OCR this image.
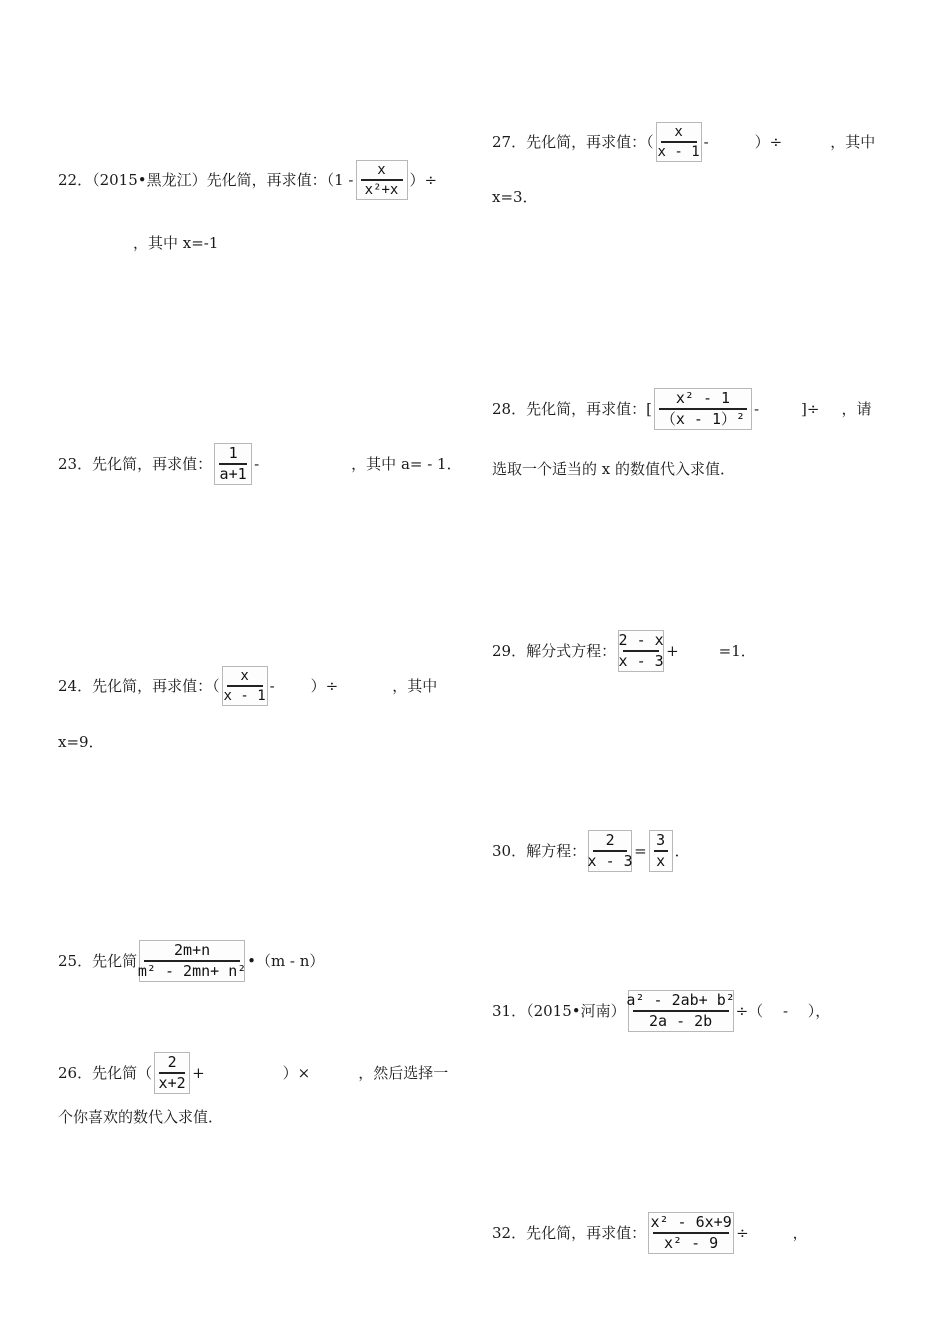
22．（2015•黑龙江）先化简，再求值：（$1 - \frac{x}{\text{x²+x}}$ ）÷
，其中 x=-1
23．先化简，再求值： $\frac{1}{a+1}$ -	，其中 a= - 1．
24．先化简，再求值：（ $\frac{x}{x - 1}$ - ）÷	，其中
x=9．
25．先化简 $\frac{2m+n}{\text{m² - 2mn+ n²}}$ •（m - n）
26．先化简（ $\frac{2}{x+2}$ +	）×	，然后选择一
个你喜欢的数代入求值．
27．先化简，再求值：（ $\frac{x}{x - 1}$ -	）÷	，其中
x=3．
28．先化简，再求值：[ $\frac{\text{x² - 1}}{\text{（x - 1）²}}$ -	]÷ ，请
选取一个适当的 x 的数值代入求值．
29．解分式方程： $\frac{2 - x}{x - 3}$ +	=1．
30．解方程： $\frac{2}{x - 3} = \frac{3}{x}$ ．
31．（2015•河南） $\frac{\text{a² - 2ab+ b²}}{2a - 2b}$ ÷（　 -　 ），
32．先化简，再求值： $\frac{\text{x² - 6x+9}}{\text{x² - 9}}$ ÷	，
